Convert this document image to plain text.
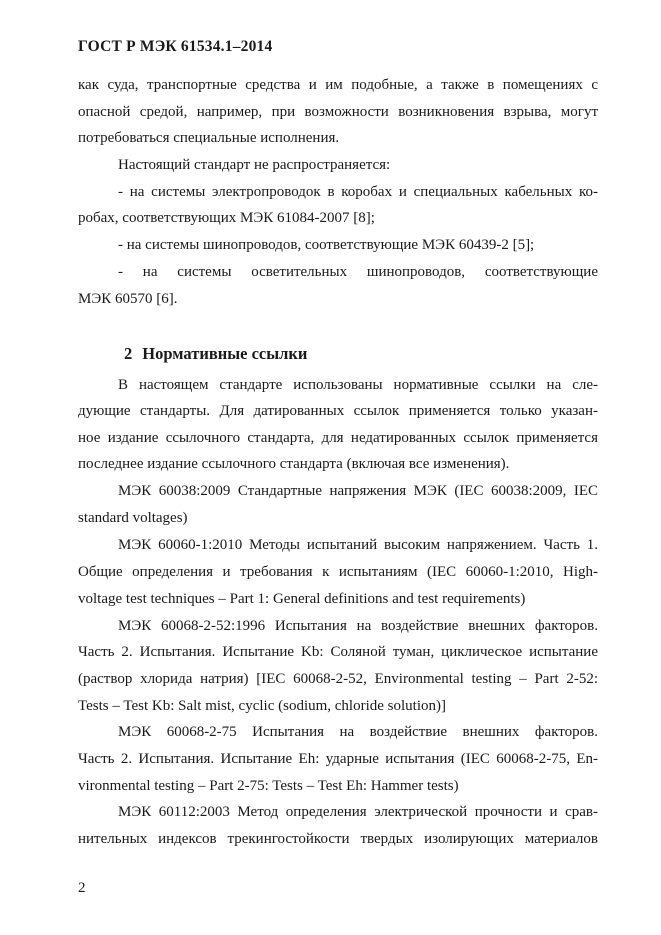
ГОСТ Р МЭК 61534.1–2014
как суда, транспортные средства и им подобные, а также в помещениях с
опасной средой, например, при возможности возникновения взрыва, могут
потребоваться специальные исполнения.
Настоящий стандарт не распространяется:
- на системы электропроводок в коробах и специальных кабельных ко-
робах, соответствующих МЭК 61084-2007 [8];
- на системы шинопроводов, соответствующие МЭК 60439-2 [5];
- на системы осветительных шинопроводов, соответствующие
МЭК 60570 [6].
2 Нормативные ссылки
В настоящем стандарте использованы нормативные ссылки на сле-
дующие стандарты. Для датированных ссылок применяется только указан-
ное издание ссылочного стандарта, для недатированных ссылок применяется
последнее издание ссылочного стандарта (включая все изменения).
МЭК 60038:2009 Стандартные напряжения МЭК (IEC 60038:2009, IEC
standard voltages)
МЭК 60060-1:2010 Методы испытаний высоким напряжением. Часть 1.
Общие определения и требования к испытаниям (IEC 60060-1:2010, High-
voltage test techniques – Part 1: General definitions and test requirements)
МЭК 60068-2-52:1996 Испытания на воздействие внешних факторов.
Часть 2. Испытания. Испытание Kb: Соляной туман, циклическое испытание
(раствор хлорида натрия) [IEC 60068-2-52, Environmental testing – Part 2-52:
Tests – Test Kb: Salt mist, cyclic (sodium, chloride solution)]
МЭК 60068-2-75 Испытания на воздействие внешних факторов.
Часть 2. Испытания. Испытание Eh: ударные испытания (IEC 60068-2-75, En-
vironmental testing – Part 2-75: Tests – Test Eh: Hammer tests)
МЭК 60112:2003 Метод определения электрической прочности и срав-
нительных индексов трекингостойкости твердых изолирующих материалов
2
